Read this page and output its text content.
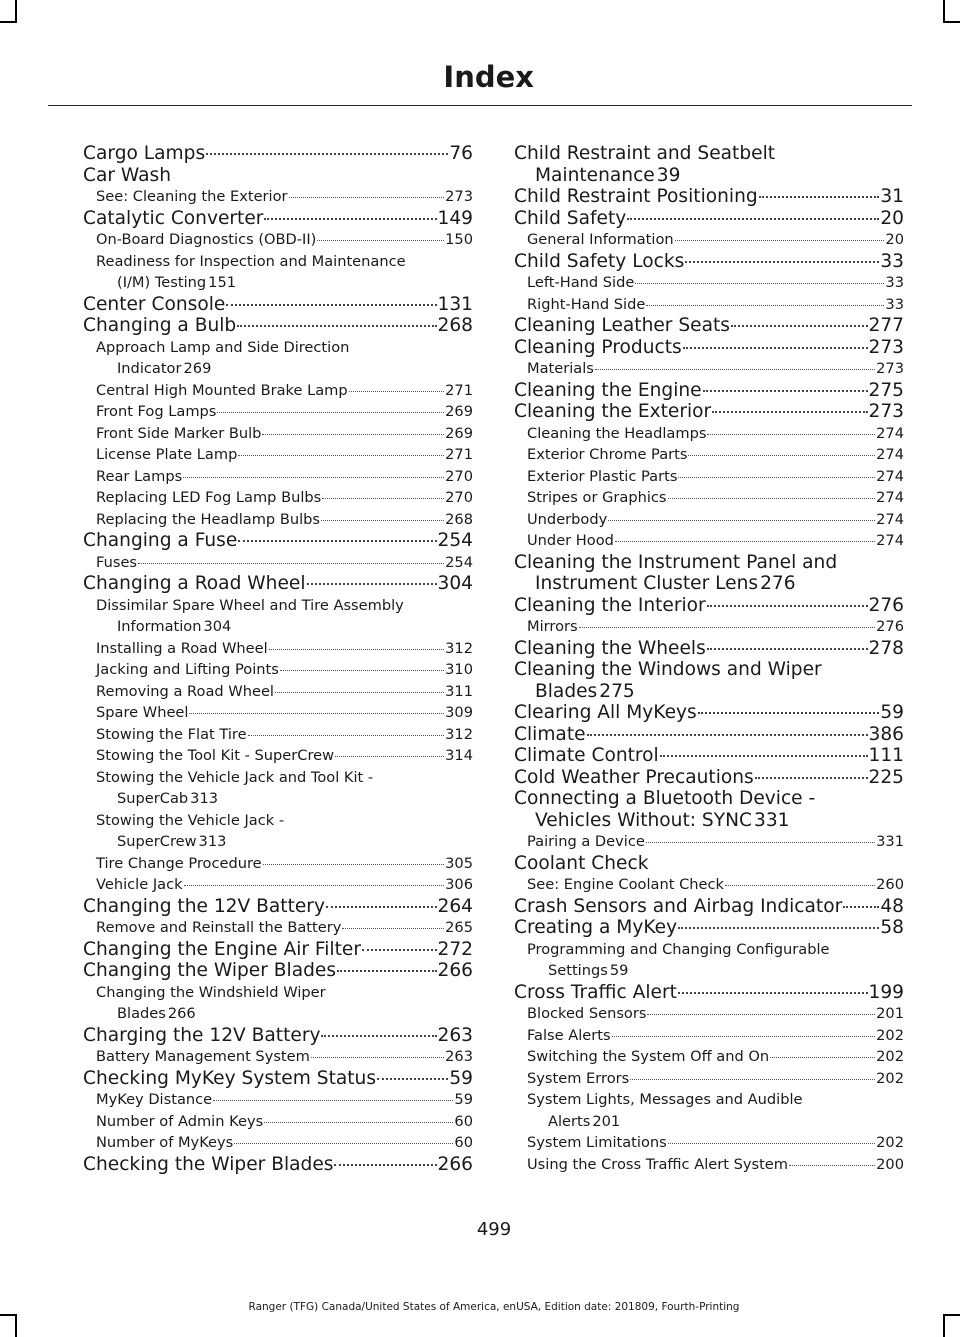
Index
Cargo Lamps	76
Car Wash
See: Cleaning the Exterior	273
Catalytic Converter	149
On-Board Diagnostics (OBD-II)	150
Readiness for Inspection and Maintenance
(I/M) Testing 151
Center Console	131
Changing a Bulb	268
Approach Lamp and Side Direction
Indicator 269
Central High Mounted Brake Lamp	271
Front Fog Lamps	269
Front Side Marker Bulb	269
License Plate Lamp	271
Rear Lamps	270
Replacing LED Fog Lamp Bulbs	270
Replacing the Headlamp Bulbs	268
Changing a Fuse	254
Fuses	254
Changing a Road Wheel	304
Dissimilar Spare Wheel and Tire Assembly
Information 304
Installing a Road Wheel	312
Jacking and Lifting Points	310
Removing a Road Wheel	311
Spare Wheel	309
Stowing the Flat Tire	312
Stowing the Tool Kit - SuperCrew	314
Stowing the Vehicle Jack and Tool Kit -
SuperCab 313
Stowing the Vehicle Jack -
SuperCrew 313
Tire Change Procedure	305
Vehicle Jack	306
Changing the 12V Battery	264
Remove and Reinstall the Battery	265
Changing the Engine Air Filter	272
Changing the Wiper Blades	266
Changing the Windshield Wiper
Blades 266
Charging the 12V Battery	263
Battery Management System	263
Checking MyKey System Status	59
MyKey Distance	59
Number of Admin Keys	60
Number of MyKeys	60
Checking the Wiper Blades	266
Child Restraint and Seatbelt
Maintenance 39
Child Restraint Positioning	31
Child Safety	20
General Information	20
Child Safety Locks	33
Left-Hand Side	33
Right-Hand Side	33
Cleaning Leather Seats	277
Cleaning Products	273
Materials	273
Cleaning the Engine	275
Cleaning the Exterior	273
Cleaning the Headlamps	274
Exterior Chrome Parts	274
Exterior Plastic Parts	274
Stripes or Graphics	274
Underbody	274
Under Hood	274
Cleaning the Instrument Panel and
Instrument Cluster Lens 276
Cleaning the Interior	276
Mirrors	276
Cleaning the Wheels	278
Cleaning the Windows and Wiper
Blades 275
Clearing All MyKeys	59
Climate	386
Climate Control	111
Cold Weather Precautions	225
Connecting a Bluetooth Device -
Vehicles Without: SYNC 331
Pairing a Device	331
Coolant Check
See: Engine Coolant Check	260
Crash Sensors and Airbag Indicator 48
Creating a MyKey	58
Programming and Changing Configurable
Settings 59
Cross Traffic Alert	199
Blocked Sensors	201
False Alerts	202
Switching the System Off and On	202
System Errors	202
System Lights, Messages and Audible
Alerts 201
System Limitations	202
Using the Cross Traffic Alert System	200
499
Ranger (TFG) Canada/United States of America, enUSA, Edition date: 201809, Fourth-Printing
